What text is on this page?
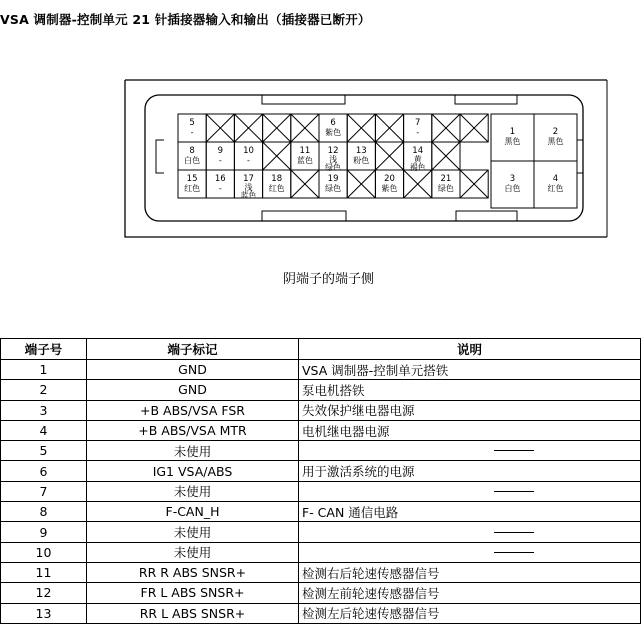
VSA 调制器-控制单元 21 针插接器输入和输出（插接器已断开）
5
-
6
紫色
7
-
8
白色
9
-
10
-
11
蓝色
12
浅
绿色
13
粉色
14
黄
褐色
15
红色
16
-
17
浅
蓝色
18
红色
19
绿色
20
紫色
21
绿色
1
黑色
2
黑色
3
白色
4
红色
阴端子的端子侧
端子号	端子标记	说明
1	GND	VSA 调制器-控制单元搭铁
2	GND	泵电机搭铁
3	+B ABS/VSA FSR	失效保护继电器电源
4	+B ABS/VSA MTR	电机继电器电源
5	未使用	

6	IG1 VSA/ABS	用于激活系统的电源
7	未使用	

8	F-CAN_H	F- CAN 通信电路
9	未使用	

10	未使用	

11	RR R ABS SNSR+	检测右后轮速传感器信号
12	FR L ABS SNSR+	检测左前轮速传感器信号
13	RR L ABS SNSR+	检测左后轮速传感器信号
